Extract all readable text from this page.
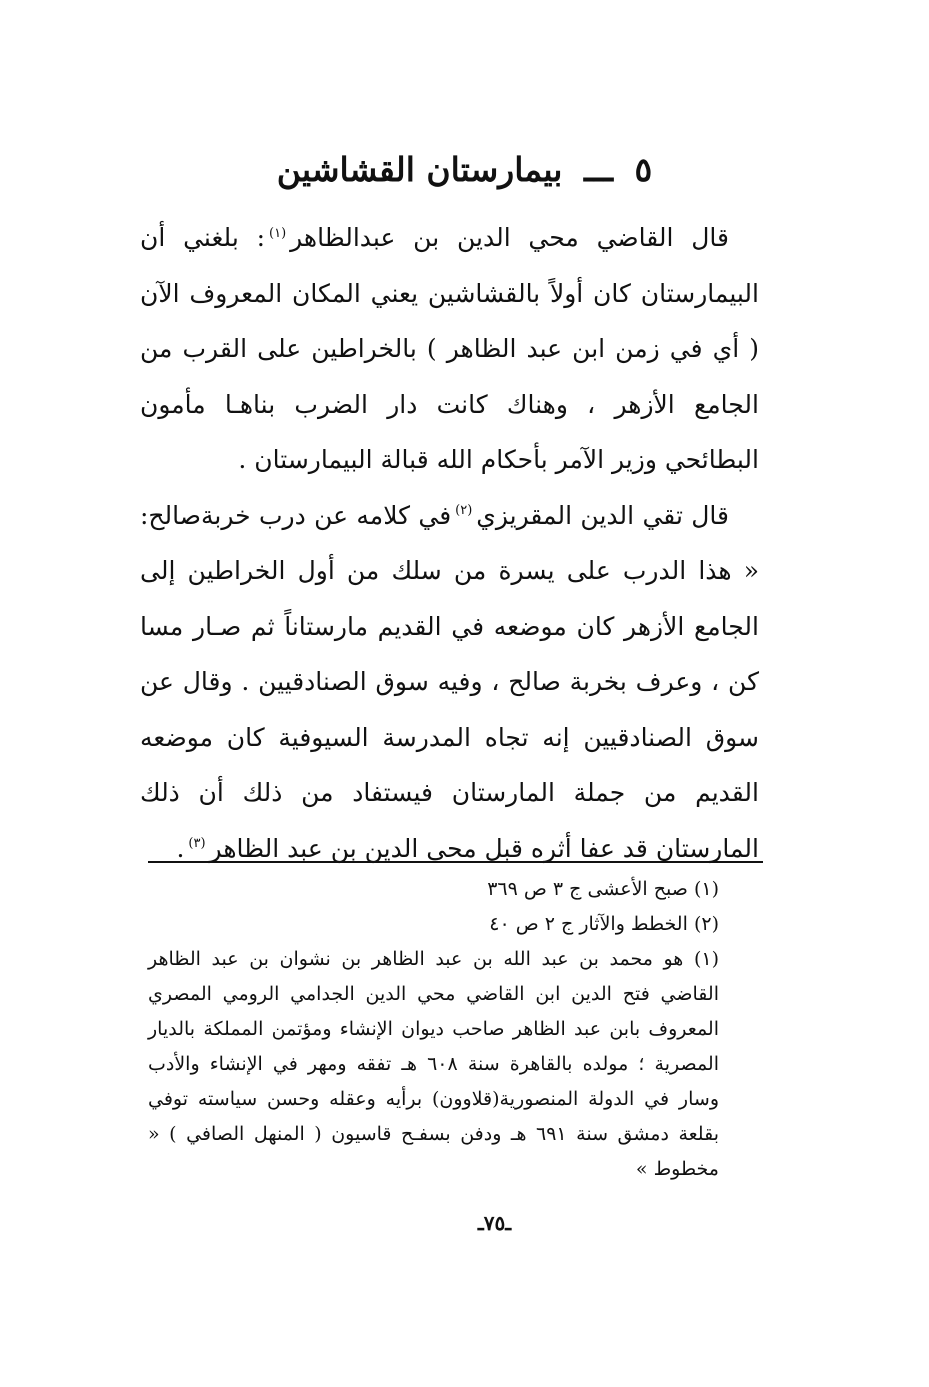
٥ ـــ بيمارستان القشاشين

قال القاضي محي الدين بن عبدالظاهر$^{(١)}$: بلغني أن البيمارستان كان أولاً بالقشاشين يعني المكان المعروف الآن ( أي في زمن ابن عبد الظاهر ) بالخراطين على القرب من الجامع الأزهر ، وهناك كانت دار الضرب بناهـا مأمون البطائحي وزير الآمر بأحكام الله قبالة البيمارستان .

قال تقي الدين المقريزي$^{(٢)}$في كلامه عن درب خربةصالح: « هذا الدرب على يسرة من سلك من أول الخراطين إلى الجامع الأزهر كان موضعه في القديم مارستاناً ثم صـار مسا كن ، وعرف بخربة صالح ، وفيه سوق الصنادقيين . وقال عن سوق الصنادقيين إنه تجاه المدرسة السيوفية كان موضعه القديم من جملة المارستان فيستفاد من ذلك أن ذلك المارستان قد عفا أثره قبل محي الدين بن عبد الظاهر$^{(٣)}$.

(١) صبح الأعشى ج ٣ ص ٣٦٩

(٢) الخطط والآثار ج ٢ ص ٤٠

(١) هو محمد بن عبد الله بن عبد الظاهر بن نشوان بن عبد الظاهر القاضي فتح الدين ابن القاضي محي الدين الجدامي الرومي المصري المعروف بابن عبد الظاهر صاحب ديوان الإنشاء ومؤتمن المملكة بالديار المصرية ؛ مولده بالقاهرة سنة ٦٠٨ هـ تفقه ومهر في الإنشاء والأدب وسار في الدولة المنصورية(قلاوون) برأيه وعقله وحسن سياسته توفي بقلعة دمشق سنة ٦٩١ هـ ودفن بسفـح قاسيون ( المنهل الصافي ) « مخطوط »

ـ٧٥ـ
